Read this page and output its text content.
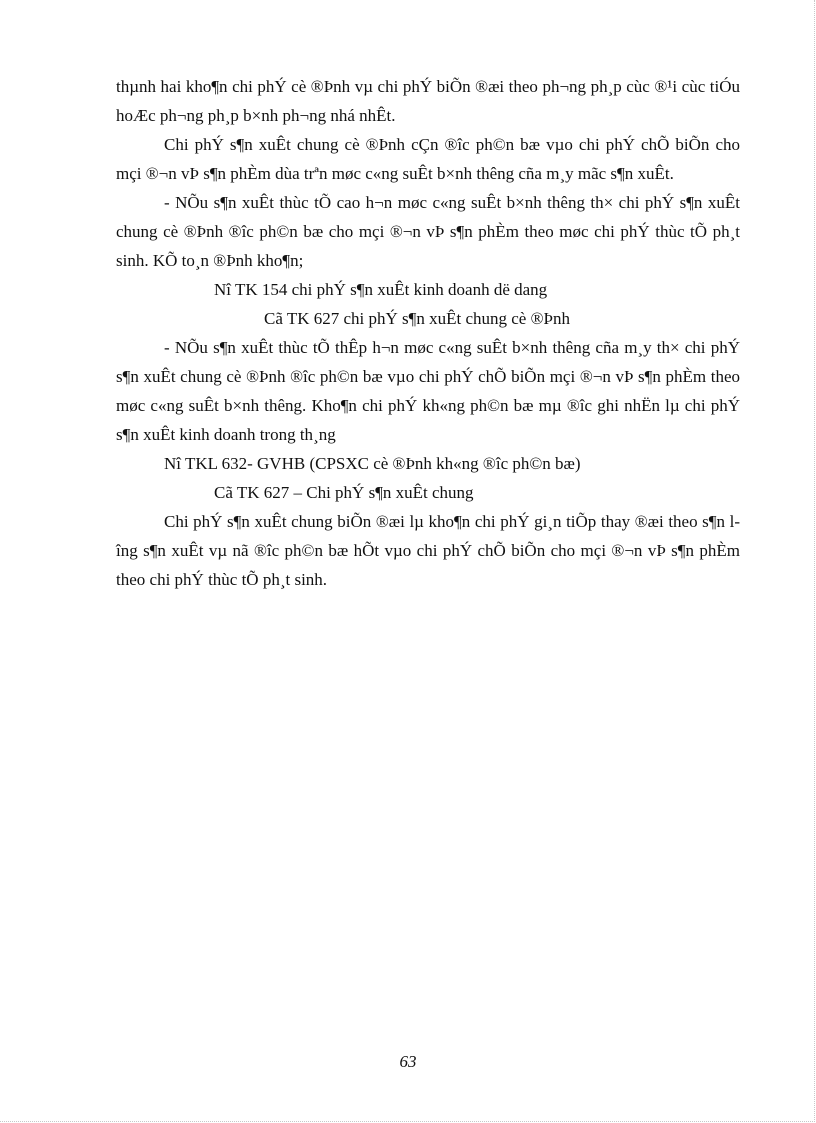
thµnh hai kho¶n chi phÝ cè ®Þnh vµ chi phÝ biÕn ®æi theo ph¬ng ph¸p cùc ®¹i cùc tiÓu hoÆc ph¬ng ph¸p b×nh ph¬ng nhá nhÊt.

Chi phÝ s¶n xuÊt chung cè ®Þnh cÇn ®îc ph©n bæ vµo chi phÝ chÕ biÕn cho mçi ®¬n vÞ s¶n phÈm dùa trªn møc c«ng suÊt b×nh thêng cña m¸y mãc s¶n xuÊt.

- NÕu s¶n xuÊt thùc tÕ cao h¬n møc c«ng suÊt b×nh thêng th× chi phÝ s¶n xuÊt chung cè ®Þnh ®îc ph©n bæ cho mçi ®¬n vÞ s¶n phÈm theo møc chi phÝ thùc tÕ ph¸t sinh. KÕ to¸n ®Þnh kho¶n;

Nî TK 154 chi phÝ s¶n xuÊt kinh doanh dë dang

Cã TK 627 chi phÝ s¶n xuÊt chung cè ®Þnh

- NÕu s¶n xuÊt thùc tÕ thÊp h¬n møc c«ng suÊt b×nh thêng cña m¸y th× chi phÝ s¶n xuÊt chung cè ®Þnh ®îc ph©n bæ vµo chi phÝ chÕ biÕn mçi ®¬n vÞ s¶n phÈm theo møc c«ng suÊt b×nh thêng. Kho¶n chi phÝ kh«ng ph©n bæ mµ ®îc ghi nhËn lµ chi phÝ s¶n xuÊt kinh doanh trong th¸ng

Nî TKL 632- GVHB (CPSXC cè ®Þnh kh«ng ®îc ph©n bæ)

Cã TK 627 – Chi phÝ s¶n xuÊt chung

Chi phÝ s¶n xuÊt chung biÕn ®æi lµ kho¶n chi phÝ gi¸n tiÕp thay ®æi theo s¶n lîng s¶n xuÊt vµ nã ®îc ph©n bæ hÕt vµo chi phÝ chÕ biÕn cho mçi ®¬n vÞ s¶n phÈm theo chi phÝ thùc tÕ ph¸t sinh.

63
